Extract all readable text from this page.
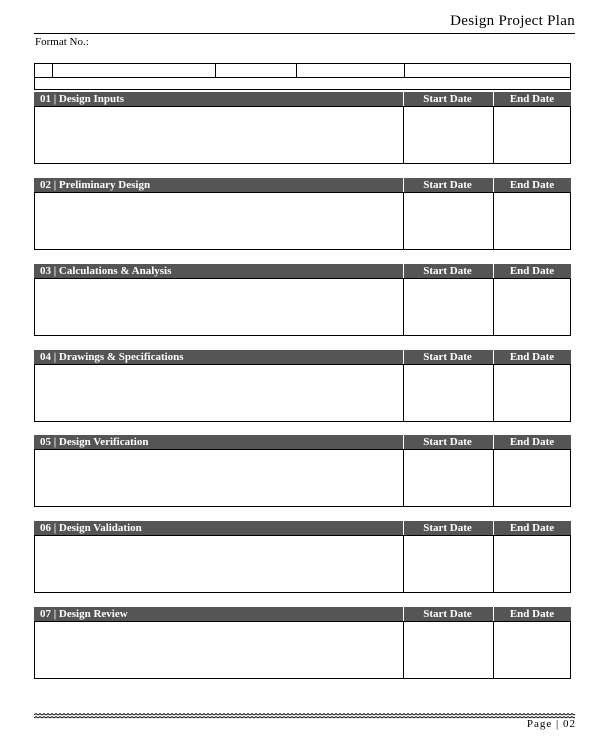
Design Project Plan
Format No.:
01 | Design Inputs	Start Date	End Date
02 | Preliminary Design	Start Date	End Date
03 | Calculations & Analysis	Start Date	End Date
04 | Drawings & Specifications	Start Date	End Date
05 | Design Verification	Start Date	End Date
06 | Design Validation	Start Date	End Date
07 | Design Review	Start Date	End Date
Page | 02
